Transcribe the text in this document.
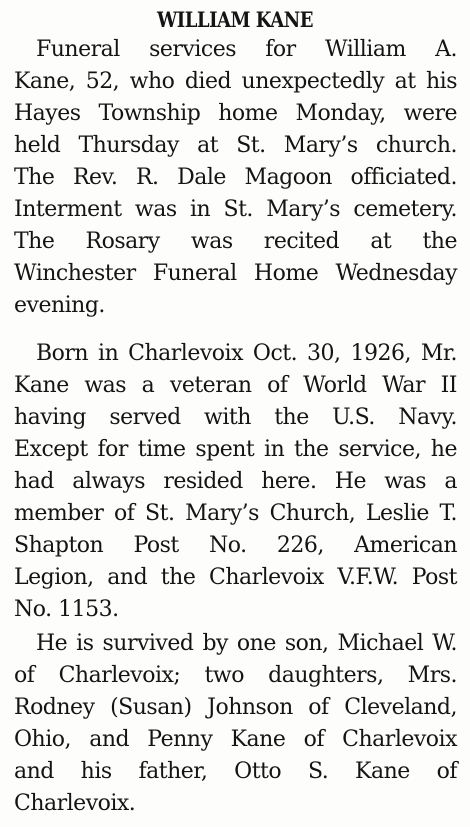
WILLIAM KANE
Funeral services for William A.
Kane, 52, who died unexpectedly at his
Hayes Township home Monday, were
held Thursday at St. Mary’s church.
The Rev. R. Dale Magoon officiated.
Interment was in St. Mary’s cemetery.
The Rosary was recited at the
Winchester Funeral Home Wednesday
evening.
Born in Charlevoix Oct. 30, 1926, Mr.
Kane was a veteran of World War II
having served with the U.S. Navy.
Except for time spent in the service, he
had always resided here. He was a
member of St. Mary’s Church, Leslie T.
Shapton Post No. 226, American
Legion, and the Charlevoix V.F.W. Post
No. 1153.
He is survived by one son, Michael W.
of Charlevoix; two daughters, Mrs.
Rodney (Susan) Johnson of Cleveland,
Ohio, and Penny Kane of Charlevoix
and his father, Otto S. Kane of
Charlevoix.
